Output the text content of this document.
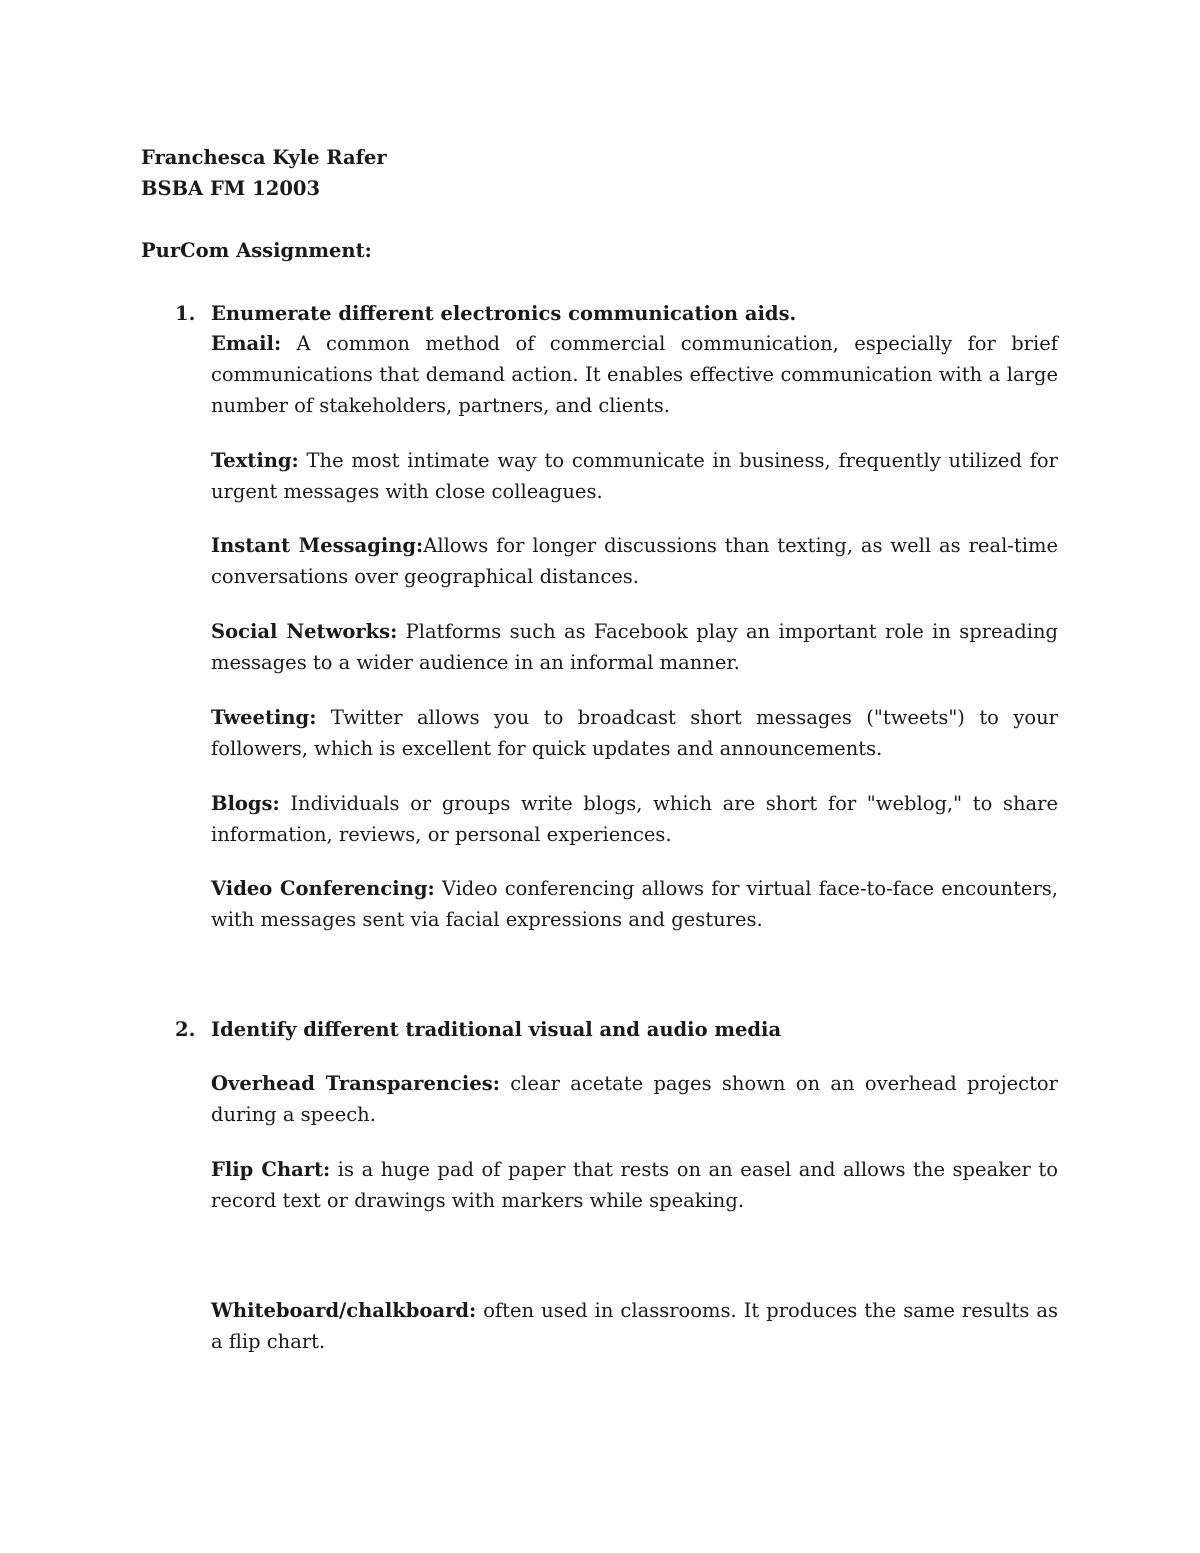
Franchesca Kyle Rafer
BSBA FM 12003
PurCom Assignment:
1. Enumerate different electronics communication aids.
Email: A common method of commercial communication, especially for brief communications that demand action. It enables effective communication with a large number of stakeholders, partners, and clients.
Texting: The most intimate way to communicate in business, frequently utilized for urgent messages with close colleagues.
Instant Messaging:Allows for longer discussions than texting, as well as real-time conversations over geographical distances.
Social Networks: Platforms such as Facebook play an important role in spreading messages to a wider audience in an informal manner.
Tweeting: Twitter allows you to broadcast short messages ("tweets") to your followers, which is excellent for quick updates and announcements.
Blogs: Individuals or groups write blogs, which are short for "weblog," to share information, reviews, or personal experiences.
Video Conferencing: Video conferencing allows for virtual face-to-face encounters, with messages sent via facial expressions and gestures.
2. Identify different traditional visual and audio media
Overhead Transparencies: clear acetate pages shown on an overhead projector during a speech.
Flip Chart: is a huge pad of paper that rests on an easel and allows the speaker to record text or drawings with markers while speaking.
Whiteboard/chalkboard: often used in classrooms. It produces the same results as a flip chart.
